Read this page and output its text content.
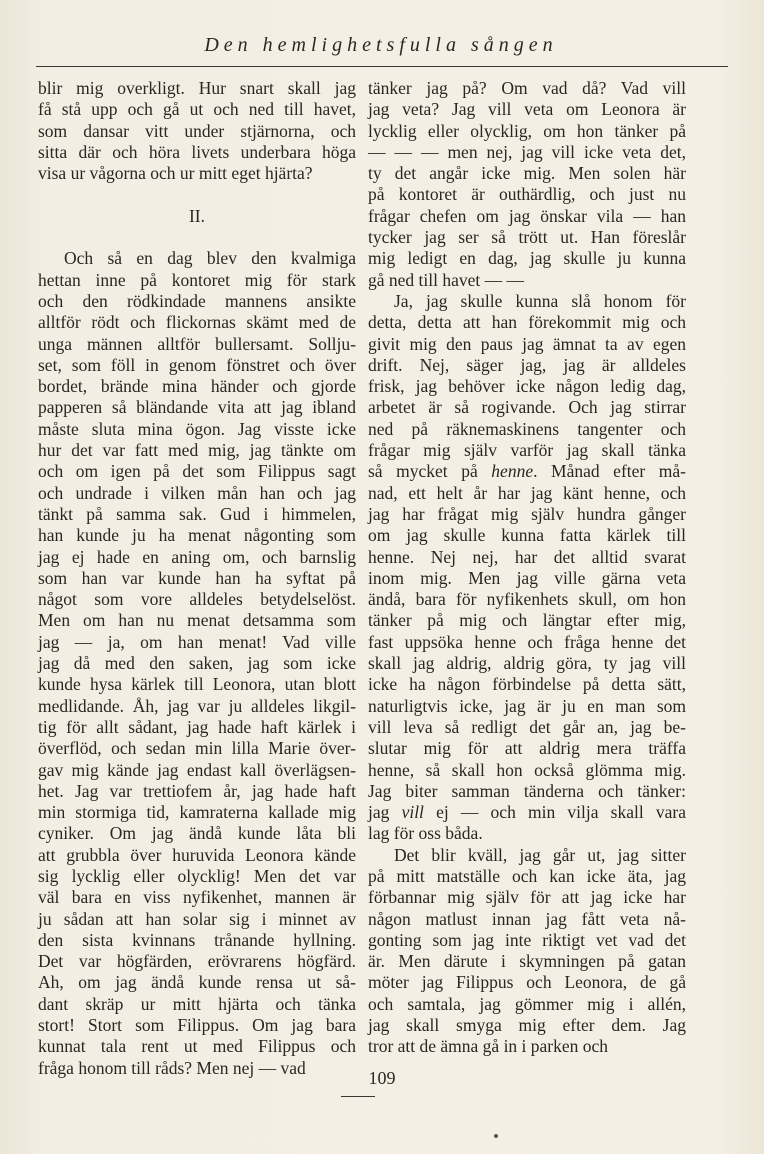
Den hemlighetsfulla sången
blir mig overkligt. Hur snart skall jag
få stå upp och gå ut och ned till havet,
som dansar vitt under stjärnorna, och
sitta där och höra livets underbara höga
visa ur vågorna och ur mitt eget hjärta?
II.
Och så en dag blev den kvalmiga
hettan inne på kontoret mig för stark
och den rödkindade mannens ansikte
alltför rödt och flickornas skämt med de
unga männen alltför bullersamt. Sollju-
set, som föll in genom fönstret och över
bordet, brände mina händer och gjorde
papperen så bländande vita att jag ibland
måste sluta mina ögon. Jag visste icke
hur det var fatt med mig, jag tänkte om
och om igen på det som Filippus sagt
och undrade i vilken mån han och jag
tänkt på samma sak. Gud i himmelen,
han kunde ju ha menat någonting som
jag ej hade en aning om, och barnslig
som han var kunde han ha syftat på
något som vore alldeles betydelselöst.
Men om han nu menat detsamma som
jag — ja, om han menat! Vad ville
jag då med den saken, jag som icke
kunde hysa kärlek till Leonora, utan blott
medlidande. Åh, jag var ju alldeles likgil-
tig för allt sådant, jag hade haft kärlek i
överflöd, och sedan min lilla Marie över-
gav mig kände jag endast kall överlägsen-
het. Jag var trettiofem år, jag hade haft
min stormiga tid, kamraterna kallade mig
cyniker. Om jag ändå kunde låta bli
att grubbla över huruvida Leonora kände
sig lycklig eller olycklig! Men det var
väl bara en viss nyfikenhet, mannen är
ju sådan att han solar sig i minnet av
den sista kvinnans trånande hyllning.
Det var högfärden, erövrarens högfärd.
Ah, om jag ändå kunde rensa ut så-
dant skräp ur mitt hjärta och tänka
stort! Stort som Filippus. Om jag bara
kunnat tala rent ut med Filippus och
fråga honom till råds? Men nej — vad
tänker jag på? Om vad då? Vad vill
jag veta? Jag vill veta om Leonora är
lycklig eller olycklig, om hon tänker på
— — — men nej, jag vill icke veta det,
ty det angår icke mig. Men solen här
på kontoret är outhärdlig, och just nu
frågar chefen om jag önskar vila — han
tycker jag ser så trött ut. Han föreslår
mig ledigt en dag, jag skulle ju kunna
gå ned till havet — —
Ja, jag skulle kunna slå honom för
detta, detta att han förekommit mig och
givit mig den paus jag ämnat ta av egen
drift. Nej, säger jag, jag är alldeles
frisk, jag behöver icke någon ledig dag,
arbetet är så rogivande. Och jag stirrar
ned på räknemaskinens tangenter och
frågar mig själv varför jag skall tänka
så mycket på henne. Månad efter må-
nad, ett helt år har jag känt henne, och
jag har frågat mig själv hundra gånger
om jag skulle kunna fatta kärlek till
henne. Nej nej, har det alltid svarat
inom mig. Men jag ville gärna veta
ändå, bara för nyfikenhets skull, om hon
tänker på mig och längtar efter mig,
fast uppsöka henne och fråga henne det
skall jag aldrig, aldrig göra, ty jag vill
icke ha någon förbindelse på detta sätt,
naturligtvis icke, jag är ju en man som
vill leva så redligt det går an, jag be-
slutar mig för att aldrig mera träffa
henne, så skall hon också glömma mig.
Jag biter samman tänderna och tänker:
jag vill ej — och min vilja skall vara
lag för oss båda.
Det blir kväll, jag går ut, jag sitter
på mitt matställe och kan icke äta, jag
förbannar mig själv för att jag icke har
någon matlust innan jag fått veta nå-
gonting som jag inte riktigt vet vad det
är. Men därute i skymningen på gatan
möter jag Filippus och Leonora, de gå
och samtala, jag gömmer mig i allén,
jag skall smyga mig efter dem. Jag
tror att de ämna gå in i parken och
109
